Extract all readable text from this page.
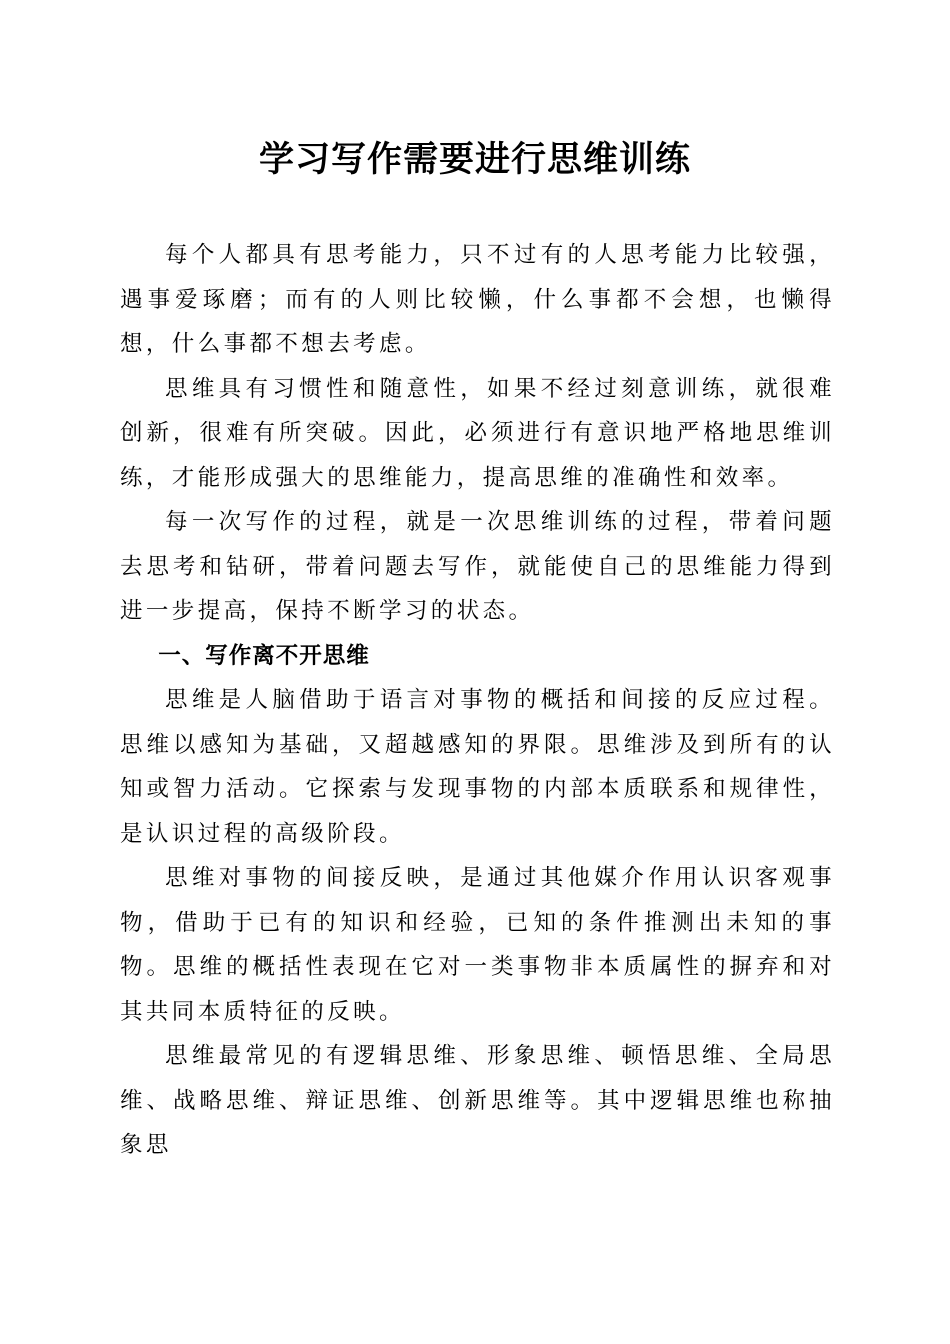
学习写作需要进行思维训练

每个人都具有思考能力，只不过有的人思考能力比较强，遇事爱琢磨；而有的人则比较懒，什么事都不会想，也懒得想，什么事都不想去考虑。

思维具有习惯性和随意性，如果不经过刻意训练，就很难创新，很难有所突破。因此，必须进行有意识地严格地思维训练，才能形成强大的思维能力，提高思维的准确性和效率。

每一次写作的过程，就是一次思维训练的过程，带着问题去思考和钻研，带着问题去写作，就能使自己的思维能力得到进一步提高，保持不断学习的状态。

一、写作离不开思维

思维是人脑借助于语言对事物的概括和间接的反应过程。思维以感知为基础，又超越感知的界限。思维涉及到所有的认知或智力活动。它探索与发现事物的内部本质联系和规律性，是认识过程的高级阶段。

思维对事物的间接反映，是通过其他媒介作用认识客观事物，借助于已有的知识和经验，已知的条件推测出未知的事物。思维的概括性表现在它对一类事物非本质属性的摒弃和对其共同本质特征的反映。

思维最常见的有逻辑思维、形象思维、顿悟思维、全局思维、战略思维、辩证思维、创新思维等。其中逻辑思维也称抽象思
